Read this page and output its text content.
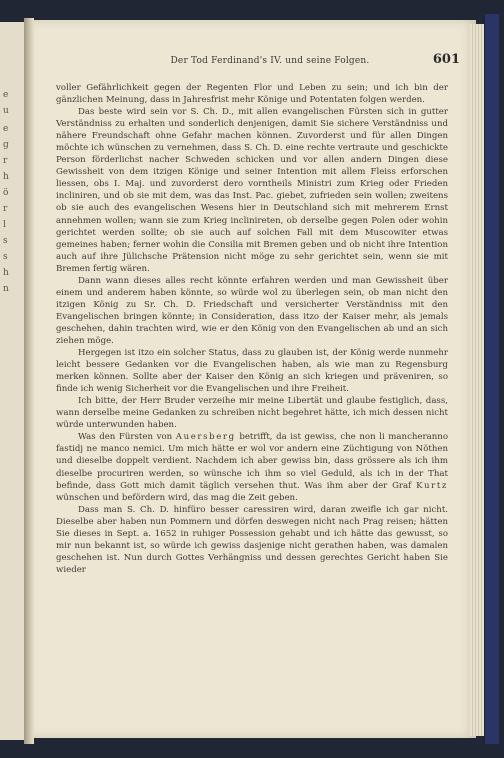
e
u
e
g
r
h
ö
r
l
s
s
h
n
Der Tod Ferdinand's IV. und seine Folgen.	601

voller Gefährlichkeit gegen der Regenten Flor und Leben zu sein; und ich bin der gänzlichen Meinung, dass in Jahresfrist mehr Könige und Potentaten folgen werden.

Das beste wird sein vor S. Ch. D., mit allen evangelischen Fürsten sich in gutter Verständniss zu erhalten und sonderlich denjenigen, damit Sie sichere Verständniss und nähere Freundschaft ohne Gefahr machen können. Zuvorderst und für allen Dingen möchte ich wünschen zu vernehmen, dass S. Ch. D. eine rechte vertraute und geschickte Person förderlichst nacher Schweden schicken und vor allen andern Dingen diese Gewissheit von dem itzigen Könige und seiner Intention mit allem Fleiss erforschen liessen, obs I. Maj. und zuvorderst dero vorntheils Ministri zum Krieg oder Frieden incliniren, und ob sie mit dem, was das Inst. Pac. giebet, zufrieden sein wollen; zweitens ob sie auch des evangelischen Wesens hier in Deutschland sich mit mehrerem Ernst annehmen wollen; wann sie zum Krieg inclinireten, ob derselbe gegen Polen oder wohin gerichtet werden sollte; ob sie auch auf solchen Fall mit dem Muscowiter etwas gemeines haben; ferner wohin die Consilia mit Bremen geben und ob nicht ihre Intention auch auf ihre Jülichsche Prätension nicht möge zu sehr gerichtet sein, wenn sie mit Bremen fertig wären.

Dann wann dieses alles recht könnte erfahren werden und man Gewissheit über einem und anderem haben könnte, so würde wol zu überlegen sein, ob man nicht den itzigen König zu Sr. Ch. D. Friedschaft und versicherter Verständniss mit den Evangelischen bringen könnte; in Consideration, dass itzo der Kaiser mehr, als jemals geschehen, dahin trachten wird, wie er den König von den Evangelischen ab und an sich ziehen möge.

Hergegen ist itzo ein solcher Status, dass zu glauben ist, der König werde nunmehr leicht bessere Gedanken vor die Evangelischen haben, als wie man zu Regensburg merken können. Sollte aber der Kaiser den König an sich kriegen und präveniren, so finde ich wenig Sicherheit vor die Evangelischen und ihre Freiheit.

Ich bitte, der Herr Bruder verzeihe mir meine Libertät und glaube festiglich, dass, wann derselbe meine Gedanken zu schreiben nicht begehret hätte, ich mich dessen nicht würde unterwunden haben.

Was den Fürsten von Auersberg betrifft, da ist gewiss, che non li mancheranno fastidj ne manco nemici. Um mich hätte er wol vor andern eine Züchtigung von Nöthen und dieselbe doppelt verdient. Nachdem ich aber gewiss bin, dass grössere als ich ihm dieselbe procuriren werden, so wünsche ich ihm so viel Geduld, als ich in der That befinde, dass Gott mich damit täglich versehen thut. Was ihm aber der Graf Kurtz wünschen und befördern wird, das mag die Zeit geben.

Dass man S. Ch. D. hinfüro besser caressiren wird, daran zweifle ich gar nicht. Dieselbe aber haben nun Pommern und dörfen deswegen nicht nach Prag reisen; hätten Sie dieses in Sept. a. 1652 in ruhiger Possession gehabt und ich hätte das gewusst, so mir nun bekannt ist, so würde ich gewiss dasjenige nicht gerathen haben, was damalen geschehen ist. Nun durch Gottes Verhängniss und dessen gerechtes Gericht haben Sie wieder
